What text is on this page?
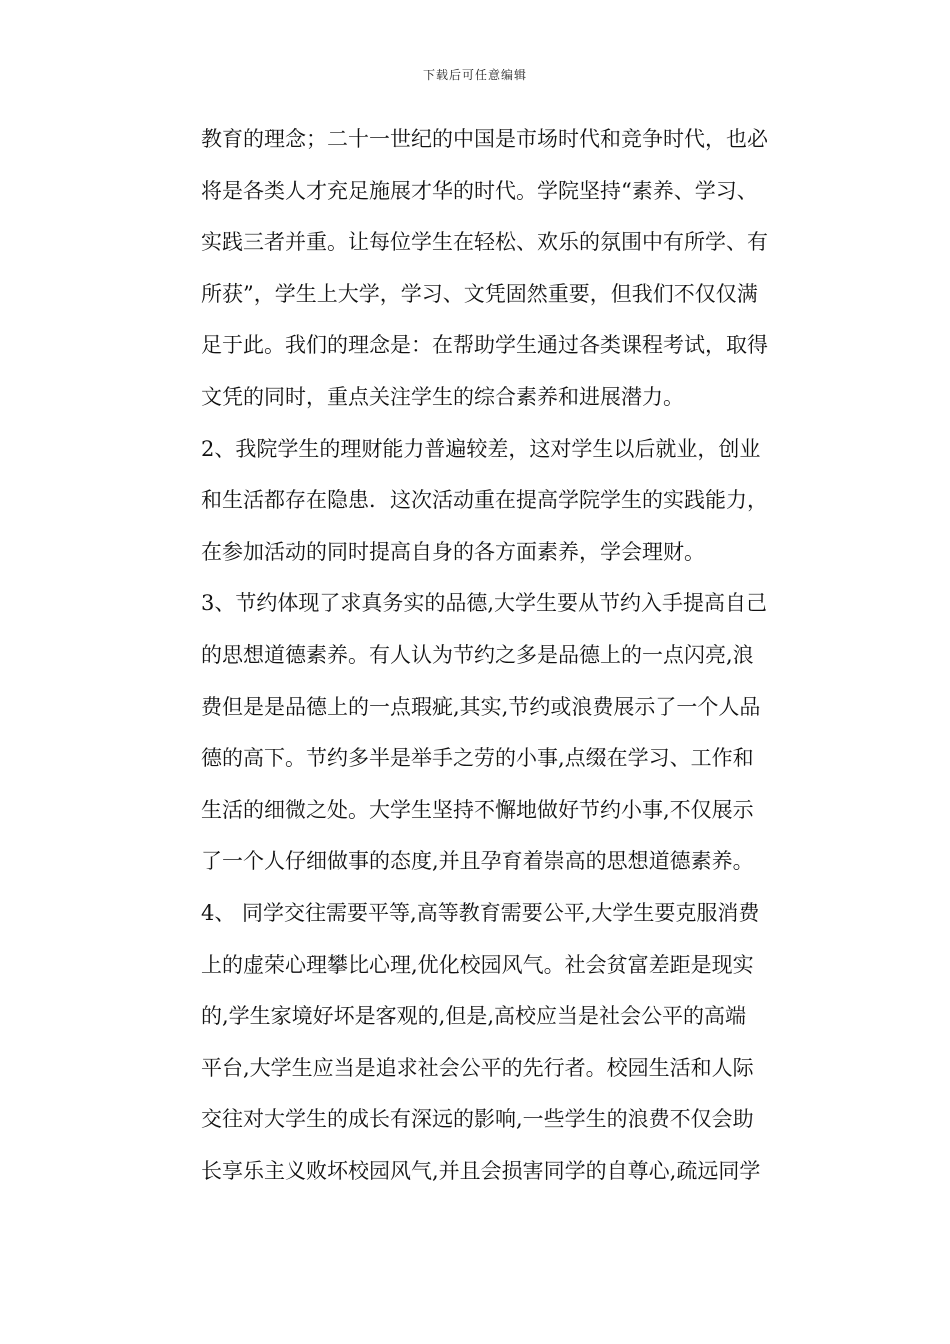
下载后可任意编辑
教育的理念；二十一世纪的中国是市场时代和竞争时代，也必
将是各类人才充足施展才华的时代。学院坚持“素养、学习、
实践三者并重。让每位学生在轻松、欢乐的氛围中有所学、有
所获”，学生上大学，学习、文凭固然重要，但我们不仅仅满
足于此。我们的理念是：在帮助学生通过各类课程考试，取得
文凭的同时，重点关注学生的综合素养和进展潜力。
2、我院学生的理财能力普遍较差，这对学生以后就业，创业
和生活都存在隐患．这次活动重在提高学院学生的实践能力，
在参加活动的同时提高自身的各方面素养，学会理财。
3、节约体现了求真务实的品德,大学生要从节约入手提高自己
的思想道德素养。有人认为节约之多是品德上的一点闪亮,浪
费但是是品德上的一点瑕疵,其实,节约或浪费展示了一个人品
德的高下。节约多半是举手之劳的小事,点缀在学习、工作和
生活的细微之处。大学生坚持不懈地做好节约小事,不仅展示
了一个人仔细做事的态度,并且孕育着崇高的思想道德素养。
4、 同学交往需要平等,高等教育需要公平,大学生要克服消费
上的虚荣心理攀比心理,优化校园风气。社会贫富差距是现实
的,学生家境好坏是客观的,但是,高校应当是社会公平的高端
平台,大学生应当是追求社会公平的先行者。校园生活和人际
交往对大学生的成长有深远的影响,一些学生的浪费不仅会助
长享乐主义败坏校园风气,并且会损害同学的自尊心,疏远同学
